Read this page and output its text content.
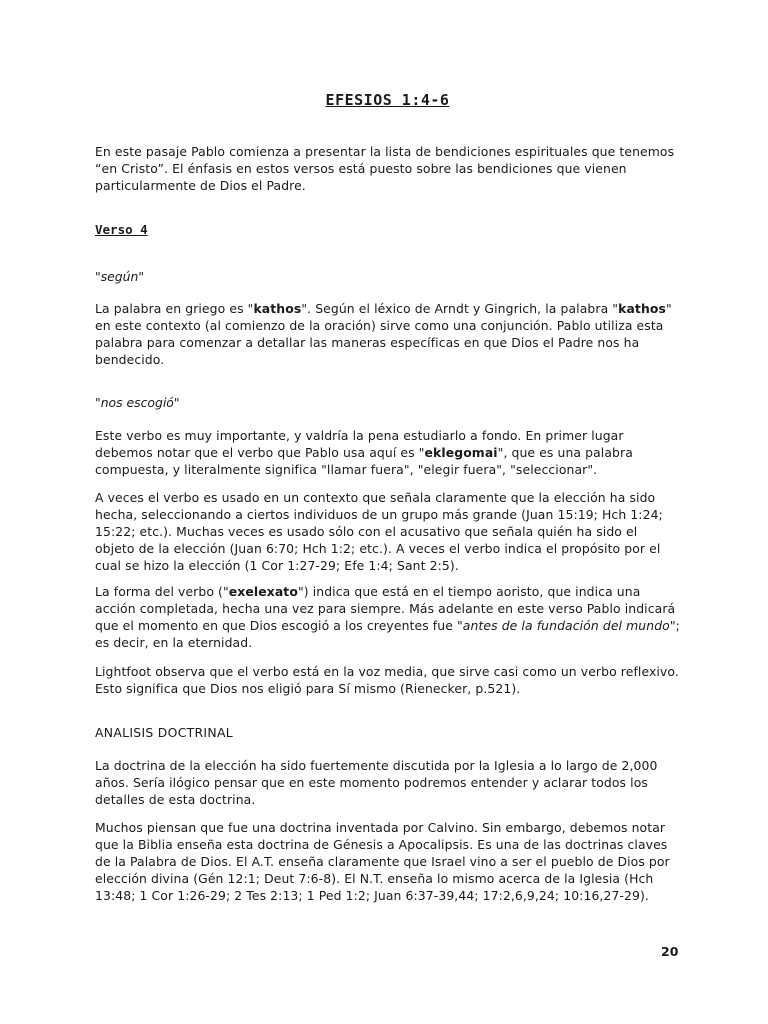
EFESIOS 1:4-6

En este pasaje Pablo comienza a presentar la lista de bendiciones espirituales que tenemos “en Cristo”. El énfasis en estos versos está puesto sobre las bendiciones que vienen particularmente de Dios el Padre.

Verso 4
"según"

La palabra en griego es "kathos". Según el léxico de Arndt y Gingrich, la palabra "kathos" en este contexto (al comienzo de la oración) sirve como una conjunción. Pablo utiliza esta palabra para comenzar a detallar las maneras específicas en que Dios el Padre nos ha bendecido.

"nos escogió"

Este verbo es muy importante, y valdría la pena estudiarlo a fondo. En primer lugar debemos notar que el verbo que Pablo usa aquí es "eklegomai", que es una palabra compuesta, y literalmente significa "llamar fuera", "elegir fuera", "seleccionar".

A veces el verbo es usado en un contexto que señala claramente que la elección ha sido hecha, seleccionando a ciertos individuos de un grupo más grande (Juan 15:19; Hch 1:24; 15:22; etc.). Muchas veces es usado sólo con el acusativo que señala quién ha sido el objeto de la elección (Juan 6:70; Hch 1:2; etc.). A veces el verbo indica el propósito por el cual se hizo la elección (1 Cor 1:27-29; Efe 1:4; Sant 2:5).

La forma del verbo ("exelexato") indica que está en el tiempo aoristo, que indica una acción completada, hecha una vez para siempre. Más adelante en este verso Pablo indicará que el momento en que Dios escogió a los creyentes fue "antes de la fundación del mundo"; es decir, en la eternidad.

Lightfoot observa que el verbo está en la voz media, que sirve casi como un verbo reflexivo. Esto significa que Dios nos eligió para Sí mismo (Rienecker, p.521).

ANALISIS DOCTRINAL

La doctrina de la elección ha sido fuertemente discutida por la Iglesia a lo largo de 2,000 años. Sería ilógico pensar que en este momento podremos entender y aclarar todos los detalles de esta doctrina.

Muchos piensan que fue una doctrina inventada por Calvino. Sin embargo, debemos notar que la Biblia enseña esta doctrina de Génesis a Apocalipsis. Es una de las doctrinas claves de la Palabra de Dios. El A.T. enseña claramente que Israel vino a ser el pueblo de Dios por elección divina (Gén 12:1; Deut 7:6-8). El N.T. enseña lo mismo acerca de la Iglesia (Hch 13:48; 1 Cor 1:26-29; 2 Tes 2:13; 1 Ped 1:2; Juan 6:37-39,44; 17:2,6,9,24; 10:16,27-29).

20
